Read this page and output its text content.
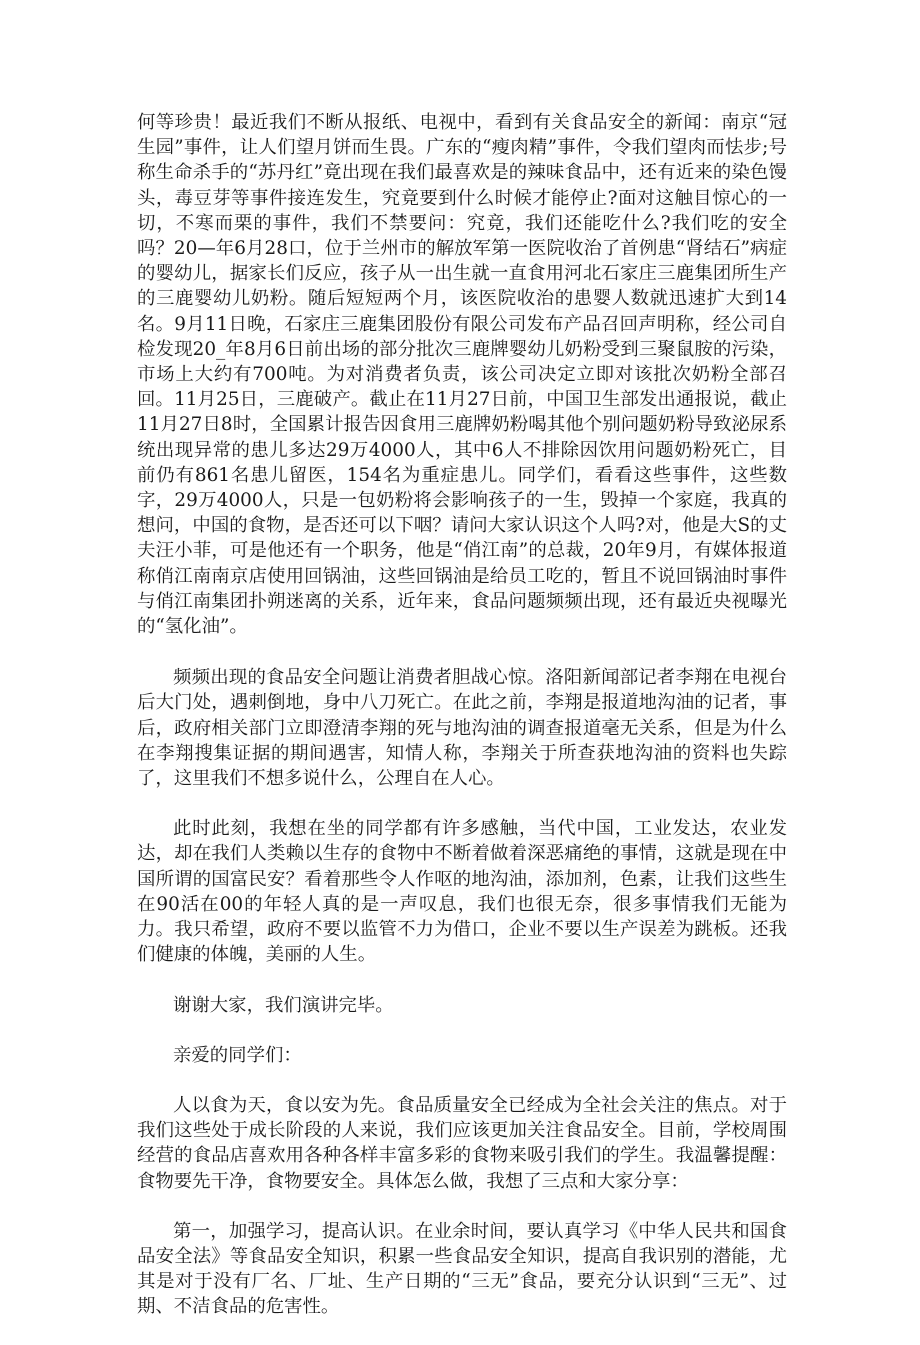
何等珍贵！最近我们不断从报纸、电视中，看到有关食品安全的新闻：南京“冠生园”事件，让人们望月饼而生畏。广东的“瘦肉精”事件，令我们望肉而怯步;号称生命杀手的“苏丹红”竟出现在我们最喜欢是的辣味食品中，还有近来的染色馒头，毒豆芽等事件接连发生，究竟要到什么时候才能停止?面对这触目惊心的一切，不寒而栗的事件，我们不禁要问：究竟，我们还能吃什么?我们吃的安全吗？20—年6月28口，位于兰州市的解放军第一医院收治了首例患“肾结石”病症的婴幼儿，据家长们反应，孩子从一出生就一直食用河北石家庄三鹿集团所生产的三鹿婴幼儿奶粉。随后短短两个月，该医院收治的患婴人数就迅速扩大到14名。9月11日晚，石家庄三鹿集团股份有限公司发布产品召回声明称，经公司自检发现20_年8月6日前出场的部分批次三鹿牌婴幼儿奶粉受到三聚鼠胺的污染，市场上大约有700吨。为对消费者负责，该公司决定立即对该批次奶粉全部召回。11月25日，三鹿破产。截止在11月27日前，中国卫生部发出通报说，截止11月27日8时，全国累计报告因食用三鹿牌奶粉喝其他个别问题奶粉导致泌尿系统出现异常的患儿多达29万4000人，其中6人不排除因饮用问题奶粉死亡，目前仍有861名患儿留医，154名为重症患儿。同学们，看看这些事件，这些数字，29万4000人，只是一包奶粉将会影响孩子的一生，毁掉一个家庭，我真的想问，中国的食物，是否还可以下咽？请问大家认识这个人吗?对，他是大S的丈夫汪小菲，可是他还有一个职务，他是“俏江南”的总裁，20年9月，有媒体报道称俏江南南京店使用回锅油，这些回锅油是给员工吃的，暂且不说回锅油时事件与俏江南集团扑朔迷离的关系，近年来，食品问题频频出现，还有最近央视曝光的“氢化油”。

频频出现的食品安全问题让消费者胆战心惊。洛阳新闻部记者李翔在电视台后大门处，遇刺倒地，身中八刀死亡。在此之前，李翔是报道地沟油的记者，事后，政府相关部门立即澄清李翔的死与地沟油的调查报道毫无关系，但是为什么在李翔搜集证据的期间遇害，知情人称，李翔关于所查获地沟油的资料也失踪了，这里我们不想多说什么，公理自在人心。

此时此刻，我想在坐的同学都有许多感触，当代中国，工业发达，农业发达，却在我们人类赖以生存的食物中不断着做着深恶痛绝的事情，这就是现在中国所谓的国富民安？看着那些令人作呕的地沟油，添加剂，色素，让我们这些生在90活在00的年轻人真的是一声叹息，我们也很无奈，很多事情我们无能为力。我只希望，政府不要以监管不力为借口，企业不要以生产误差为跳板。还我们健康的体魄，美丽的人生。

谢谢大家，我们演讲完毕。

亲爱的同学们：

人以食为天，食以安为先。食品质量安全已经成为全社会关注的焦点。对于我们这些处于成长阶段的人来说，我们应该更加关注食品安全。目前，学校周围经营的食品店喜欢用各种各样丰富多彩的食物来吸引我们的学生。我温馨提醒：食物要先干净，食物要安全。具体怎么做，我想了三点和大家分享：

第一，加强学习，提高认识。在业余时间，要认真学习《中华人民共和国食品安全法》等食品安全知识，积累一些食品安全知识，提高自我识别的潜能，尤其是对于没有厂名、厂址、生产日期的“三无”食品，要充分认识到“三无”、过期、不洁食品的危害性。
